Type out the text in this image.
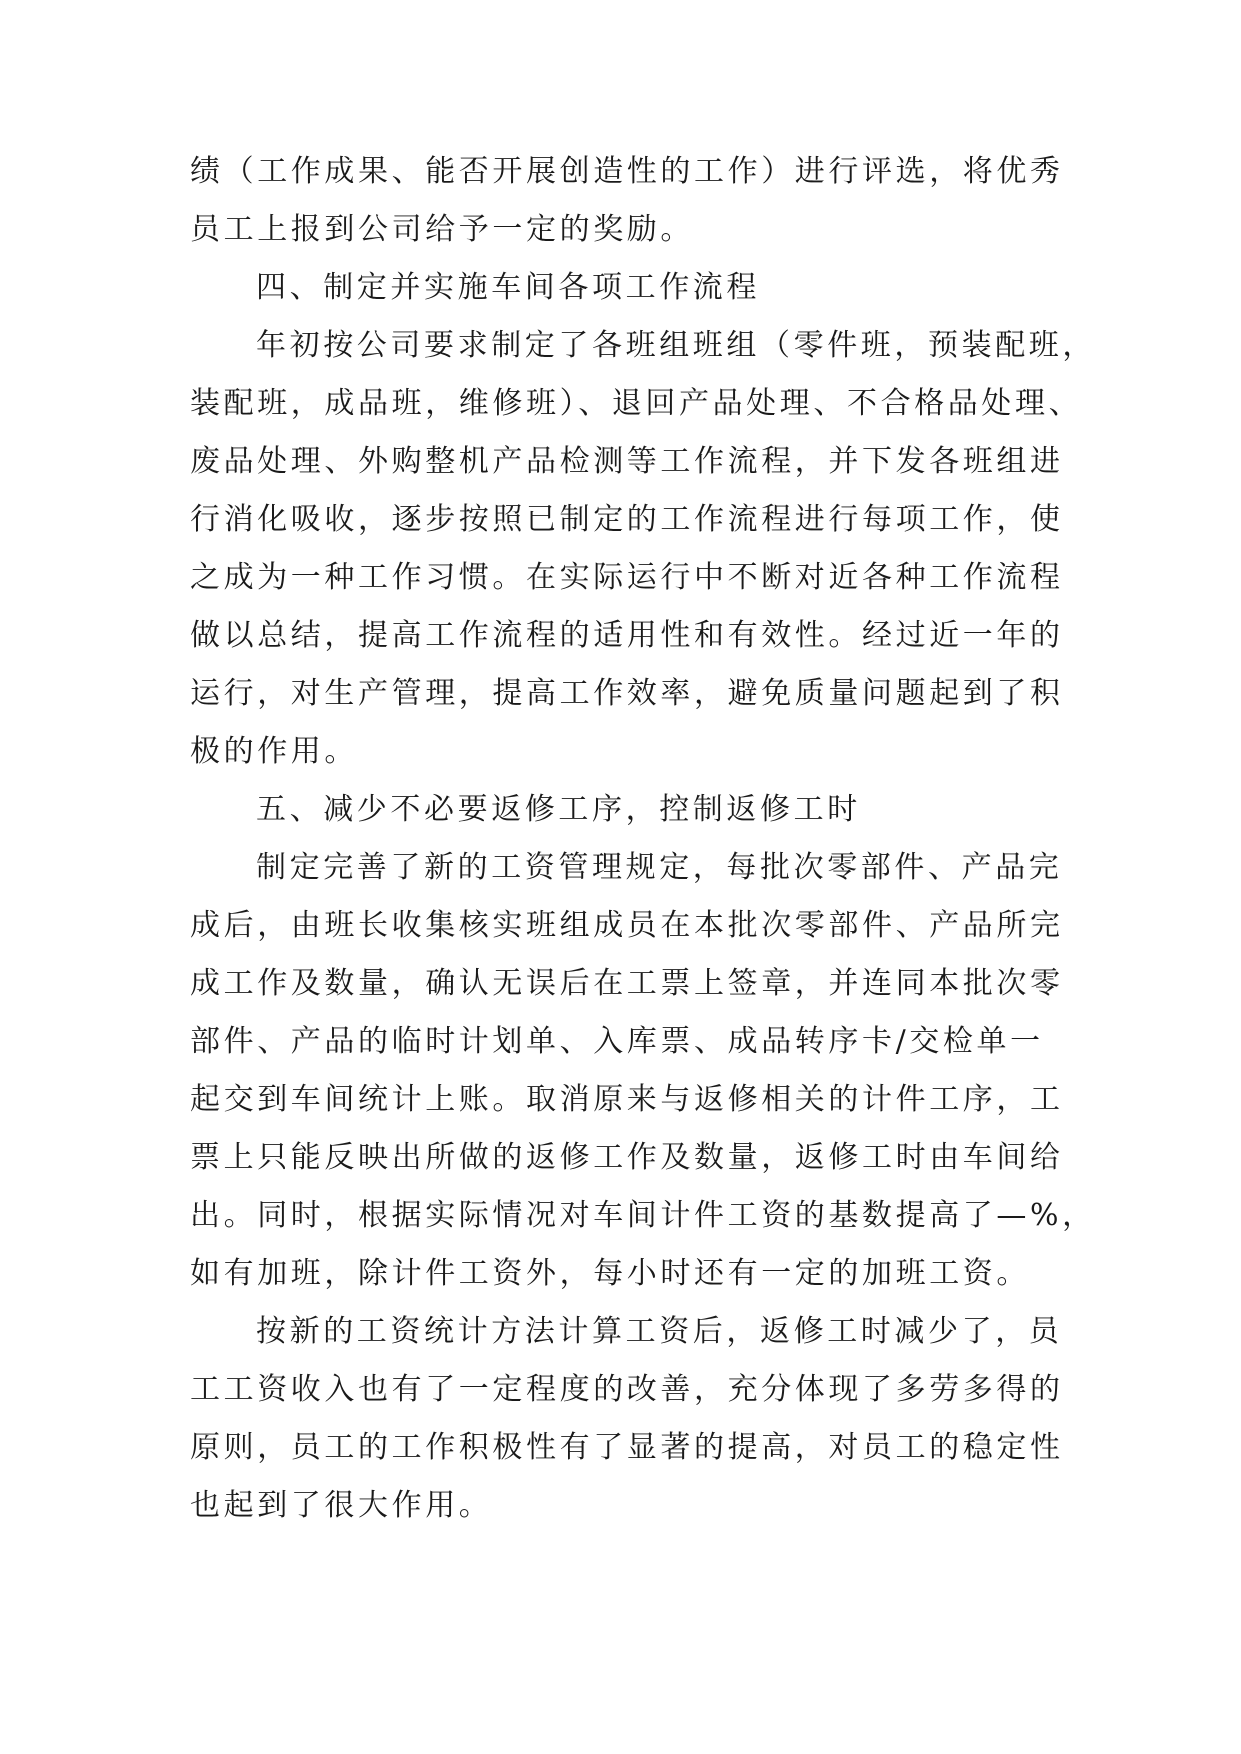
绩（工作成果、能否开展创造性的工作）进行评选，将优秀
员工上报到公司给予一定的奖励。
四、制定并实施车间各项工作流程
年初按公司要求制定了各班组班组（零件班，预装配班，
装配班，成品班，维修班）、退回产品处理、不合格品处理、
废品处理、外购整机产品检测等工作流程，并下发各班组进
行消化吸收，逐步按照已制定的工作流程进行每项工作，使
之成为一种工作习惯。在实际运行中不断对近各种工作流程
做以总结，提高工作流程的适用性和有效性。经过近一年的
运行，对生产管理，提高工作效率，避免质量问题起到了积
极的作用。
五、减少不必要返修工序，控制返修工时
制定完善了新的工资管理规定，每批次零部件、产品完
成后，由班长收集核实班组成员在本批次零部件、产品所完
成工作及数量，确认无误后在工票上签章，并连同本批次零
部件、产品的临时计划单、入库票、成品转序卡/交检单一
起交到车间统计上账。取消原来与返修相关的计件工序，工
票上只能反映出所做的返修工作及数量，返修工时由车间给
出。同时，根据实际情况对车间计件工资的基数提高了—%，
如有加班，除计件工资外，每小时还有一定的加班工资。
按新的工资统计方法计算工资后，返修工时减少了，员
工工资收入也有了一定程度的改善，充分体现了多劳多得的
原则，员工的工作积极性有了显著的提高，对员工的稳定性
也起到了很大作用。
